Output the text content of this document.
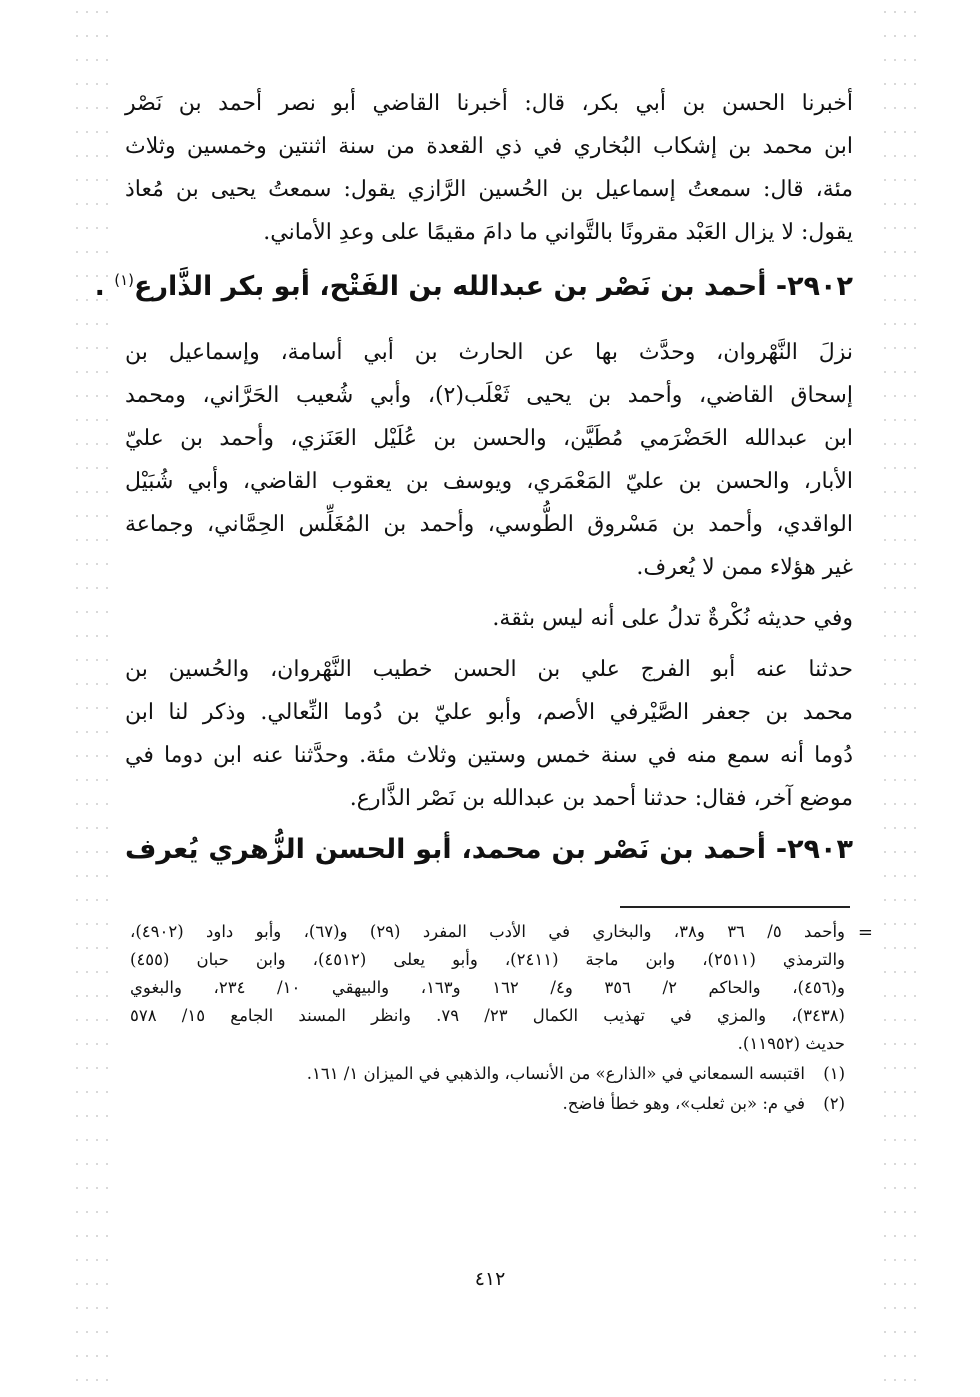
أخبرنا الحسن بن أبي بكر، قال: أخبرنا القاضي أبو نصر أحمد بن نَصْر
ابن محمد بن إشكاب البُخاري في ذي القعدة من سنة اثنتين وخمسين وثلاث
مئة، قال: سمعتُ إسماعيل بن الحُسين الرَّازي يقول: سمعتُ يحيى بن مُعاذ
يقول: لا يزال العَبْد مقرونًا بالتَّواني ما دامَ مقيمًا على وعدِ الأماني.
٢٩٠٢- أحمد بن نَصْر بن عبدالله بن الفَتْح، أبو بكر الذَّارع$^{(١)}$ .
نزلَ النَّهْروان، وحدَّث بها عن الحارث بن أبي أسامة، وإسماعيل بن
إسحاق القاضي، وأحمد بن يحيى ثَعْلَب(٢)، وأبي شُعيب الحَرَّاني، ومحمد
ابن عبدالله الحَضْرَمي مُطَيَّن، والحسن بن عُلَيْل العَنَزي، وأحمد بن عليّ
الأبار، والحسن بن عليّ المَعْمَري، ويوسف بن يعقوب القاضي، وأبي شُبَيْل
الواقدي، وأحمد بن مَسْروق الطُّوسي، وأحمد بن المُغَلِّس الحِمَّاني، وجماعة
غير هؤلاء ممن لا يُعرف.
وفي حديثه نُكْرةٌ تدلُ على أنه ليس بثقة.
حدثنا عنه أبو الفرج علي بن الحسن خطيب النَّهْروان، والحُسين بن
محمد بن جعفر الصَّيْرفي الأصم، وأبو عليّ بن دُوما النِّعالي. وذكر لنا ابن
دُوما أنه سمع منه في سنة خمس وستين وثلاث مئة. وحدَّثنا عنه ابن دوما في
موضع آخر، فقال: حدثنا أحمد بن عبدالله بن نَصْر الذَّارع.
٢٩٠٣- أحمد بن نَصْر بن محمد، أبو الحسن الزُّهري يُعرف
=
وأحمد ٥/ ٣٦ و٣٨، والبخاري في الأدب المفرد (٢٩) و(٦٧)، وأبو داود (٤٩٠٢)،
والترمذي (٢٥١١)، وابن ماجة (٢٤١١)، وأبو يعلى (٤٥١٢)، وابن حبان (٤٥٥)
و(٤٥٦)، والحاكم ٢/ ٣٥٦ و٤/ ١٦٢ و١٦٣، والبيهقي ١٠/ ٢٣٤، والبغوي
(٣٤٣٨)، والمزي في تهذيب الكمال ٢٣/ ٧٩. وانظر المسند الجامع ١٥/ ٥٧٨
حديث (١١٩٥٢).
(١)اقتبسه السمعاني في «الذارع» من الأنساب، والذهبي في الميزان ١/ ١٦١.
(٢)في م: «بن ثعلب»، وهو خطأ فاضح.
٤١٢
